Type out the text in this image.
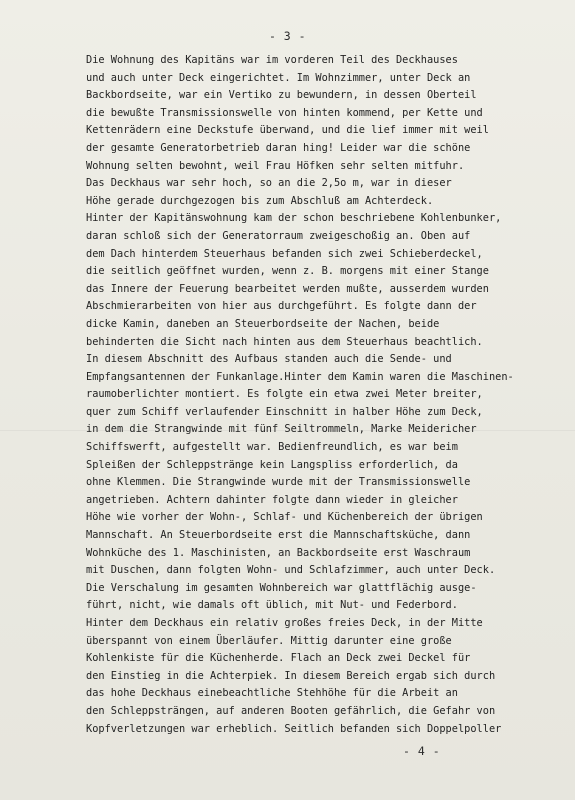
- 3 -
Die Wohnung des Kapitäns war im vorderen Teil des Deckhauses
und auch unter Deck eingerichtet. Im Wohnzimmer, unter Deck an
Backbordseite, war ein Vertiko zu bewundern, in dessen Oberteil
die bewußte Transmissionswelle von hinten kommend, per Kette und
Kettenrädern eine Deckstufe überwand, und die lief immer mit weil
der gesamte Generatorbetrieb daran hing! Leider war die schöne
Wohnung selten bewohnt, weil Frau Höfken sehr selten mitfuhr.
Das Deckhaus war sehr hoch, so an die 2,5o m, war in dieser
Höhe gerade durchgezogen bis zum Abschluß am Achterdeck.
Hinter der Kapitänswohnung kam der schon beschriebene Kohlenbunker,
daran schloß sich der Generatorraum zweigeschoßig an. Oben auf
dem Dach hinterdem Steuerhaus befanden sich zwei Schieberdeckel,
die seitlich geöffnet wurden, wenn z. B. morgens mit einer Stange
das Innere der Feuerung bearbeitet werden mußte, ausserdem wurden
Abschmierarbeiten von hier aus durchgeführt. Es folgte dann der
dicke Kamin, daneben an Steuerbordseite der Nachen, beide
behinderten die Sicht nach hinten aus dem Steuerhaus beachtlich.
In diesem Abschnitt des Aufbaus standen auch die Sende- und
Empfangsantennen der Funkanlage.Hinter dem Kamin waren die Maschinen-
raumoberlichter montiert. Es folgte ein etwa zwei Meter breiter,
quer zum Schiff verlaufender Einschnitt in halber Höhe zum Deck,
in dem die Strangwinde mit fünf Seiltrommeln, Marke Meidericher
Schiffswerft, aufgestellt war. Bedienfreundlich, es war beim
Spleißen der Schleppstränge kein Langspliss erforderlich, da
ohne Klemmen. Die Strangwinde wurde mit der Transmissionswelle
angetrieben. Achtern dahinter folgte dann wieder in gleicher
Höhe wie vorher der Wohn-, Schlaf- und Küchenbereich der übrigen
Mannschaft. An Steuerbordseite erst die Mannschaftsküche, dann
Wohnküche des 1. Maschinisten, an Backbordseite erst Waschraum
mit Duschen, dann folgten Wohn- und Schlafzimmer, auch unter Deck.
Die Verschalung im gesamten Wohnbereich war glattflächig ausge-
führt, nicht, wie damals oft üblich, mit Nut- und Federbord.
Hinter dem Deckhaus ein relativ großes freies Deck, in der Mitte
überspannt von einem Überläufer. Mittig darunter eine große
Kohlenkiste für die Küchenherde. Flach an Deck zwei Deckel für
den Einstieg in die Achterpiek. In diesem Bereich ergab sich durch
das hohe Deckhaus einebeachtliche Stehhöhe für die Arbeit an
den Schleppsträngen, auf anderen Booten gefährlich, die Gefahr von
Kopfverletzungen war erheblich. Seitlich befanden sich Doppelpoller
- 4 -
